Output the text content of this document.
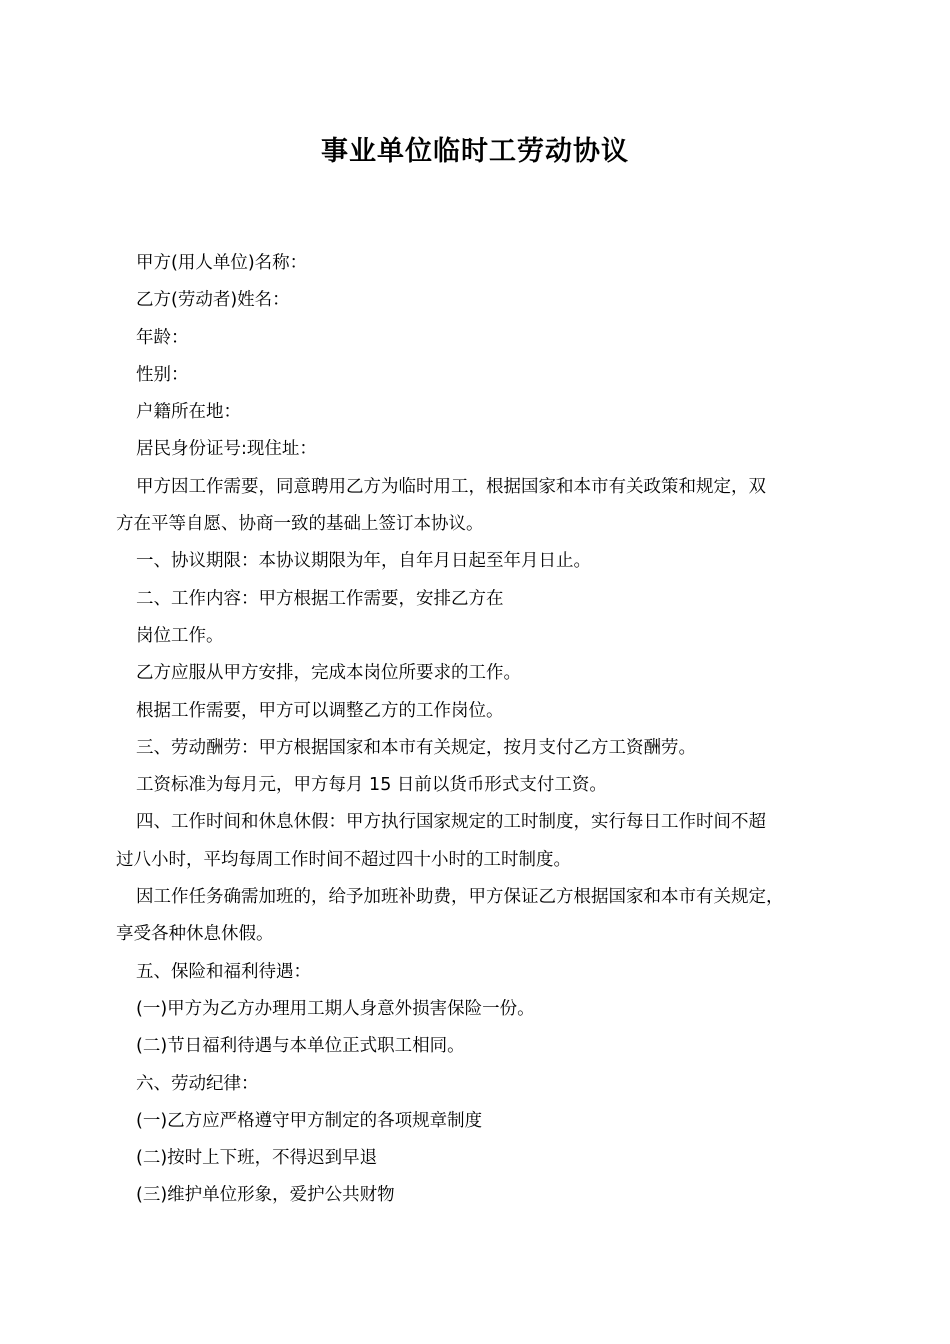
事业单位临时工劳动协议
甲方(用人单位)名称：
乙方(劳动者)姓名：
年龄：
性别：
户籍所在地：
居民身份证号:现住址：
甲方因工作需要，同意聘用乙方为临时用工，根据国家和本市有关政策和规定，双
方在平等自愿、协商一致的基础上签订本协议。
一、协议期限：本协议期限为年，自年月日起至年月日止。
二、工作内容：甲方根据工作需要，安排乙方在
岗位工作。
乙方应服从甲方安排，完成本岗位所要求的工作。
根据工作需要，甲方可以调整乙方的工作岗位。
三、劳动酬劳：甲方根据国家和本市有关规定，按月支付乙方工资酬劳。
工资标准为每月元，甲方每月 15 日前以货币形式支付工资。
四、工作时间和休息休假：甲方执行国家规定的工时制度，实行每日工作时间不超
过八小时，平均每周工作时间不超过四十小时的工时制度。
因工作任务确需加班的，给予加班补助费，甲方保证乙方根据国家和本市有关规定，
享受各种休息休假。
五、保险和福利待遇：
(一)甲方为乙方办理用工期人身意外损害保险一份。
(二)节日福利待遇与本单位正式职工相同。
六、劳动纪律：
(一)乙方应严格遵守甲方制定的各项规章制度
(二)按时上下班，不得迟到早退
(三)维护单位形象，爱护公共财物
